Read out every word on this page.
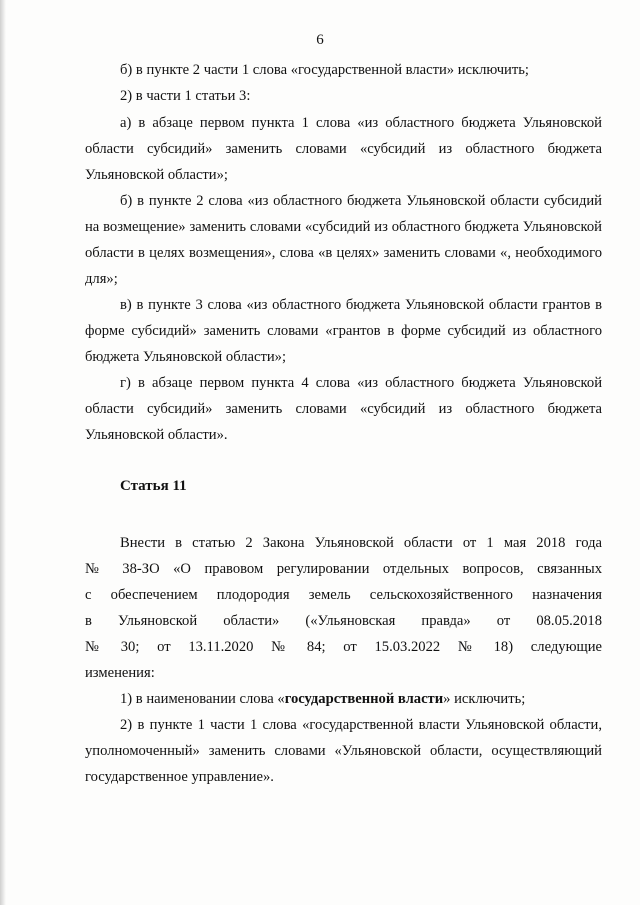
6
б) в пункте 2 части 1 слова «государственной власти» исключить;
2) в части 1 статьи 3:
а) в абзаце первом пункта 1 слова «из областного бюджета Ульяновской области субсидий» заменить словами «субсидий из областного бюджета Ульяновской области»;
б) в пункте 2 слова «из областного бюджета Ульяновской области субсидий на возмещение» заменить словами «субсидий из областного бюджета Ульяновской области в целях возмещения», слова «в целях» заменить словами «, необходимого для»;
в) в пункте 3 слова «из областного бюджета Ульяновской области грантов в форме субсидий» заменить словами «грантов в форме субсидий из областного бюджета Ульяновской области»;
г) в абзаце первом пункта 4 слова «из областного бюджета Ульяновской области субсидий» заменить словами «субсидий из областного бюджета Ульяновской области».
Статья 11
Внести в статью 2 Закона Ульяновской области от 1 мая 2018 года
№ 38-ЗО «О правовом регулировании отдельных вопросов, связанных
с обеспечением плодородия земель сельскохозяйственного назначения
в Ульяновской области» («Ульяновская правда» от 08.05.2018
№ 30; от 13.11.2020 № 84; от 15.03.2022 № 18) следующие
изменения:
1) в наименовании слова «государственной власти» исключить;
2) в пункте 1 части 1 слова «государственной власти Ульяновской области, уполномоченный» заменить словами «Ульяновской области, осуществляющий государственное управление».
